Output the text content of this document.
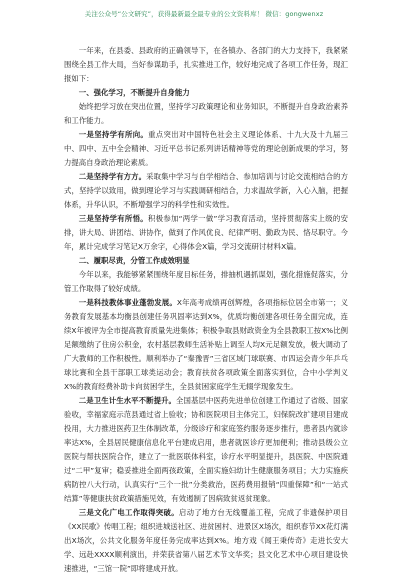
关注公众号“公文研究”，获得最新最全最专业的公文资料库！ 微信：gongwenxz

一年来，在县委、县政府的正确领导下，在各镇办、各部门的大力支持下，我紧紧围绕全县工作大局，当好参谋助手，扎实推进工作，较好地完成了各项工作任务，现汇报如下：

一、强化学习，不断提升自身能力

始终把学习放在突出位置，坚持学习政策理论和业务知识，不断提升自身政治素养和工作能力。

一是坚持学有所向。重点突出对中国特色社会主义理论体系、十九大及十九届三中、四中、五中全会精神、习近平总书记系列讲话精神等党的理论创新成果的学习，努力提高自身政治理论素质。

二是坚持学有方方。采取集中学习与自学相结合、参加培训与讨论交流相结合的方式，坚持学以致用，做到理论学习与实践调研相结合，力求温故学新，入心入脑，把握体系，升华认识，不断增强学习的科学性和实效性。

三是坚持学有所悟。积极参加“两学一做”学习教育活动，坚持贯彻落实上级的安排，讲大局、讲团结、讲协作，做到了作风优良、纪律严明、勤政为民、恪尽职守。今年，累计完成学习笔记X万余字，心得体会X篇，学习交流研讨材料X篇。

二、履职尽责，分管工作成效明显

今年以来，我能够紧紧围绕年度目标任务，排抽机遇抓谋划，强化措施促落实，分管工作取得了较好成绩。

一是科技教体事业蓬勃发展。X年高考成绩再创辉煌，各项指标位居全市第一；义务教育发展基本均衡县创建任务巩固率达到X%，优质均衡创建各项任务全面完成，连续X年被评为全市提高教育质量先进集体；积极争取县财政资金为全县教职工按X%比例足额缴纳了住房公积金，农村基层教师生活补贴上调至人均X元足额发放，极大调动了广大教师的工作积极性。顺利举办了“秦豫晋”三省区域门球联赛、市四运会青少年乒乓球比赛和全县干部职工球类运动会；教育扶贫各项政策全面落实到位，合中小学判义X%的教育经费补助卡向贫困学生，全县贫困家庭学生无辍学现象发生。

二是卫生计生水平不断提升。全国基层中医药先进单位创建工作通过了省级、国家验收，幸福家庭示范县通过省上验收；协和医院项目主体完工，妇保院改扩建项目建成投用，大力推进医药卫生体制改革，分级诊疗和家庭签约服务逐步推行，患者县内就诊率达X%，全县居民健康信息化平台建成启用，患者就医诊疗更加便利；推动县级公立医院与帮扶医院合作，建立了一批医联体科室，诊疗水平明显提升，县医院、中医院通过“二甲”复审；稳妥推进全面两孩政策，全面实施妇幼计生健康服务项目；大力实施疾病防控八大行动，认真实行“三个一批”分类救治，医药费用报销“四重保障”和“一站式结算”等健康扶贫政策措施见效，有效遏制了因病致贫返贫现象。

三是文化广电工作取得突破。启动了地方台无线覆盖工程，完成了非遗保护项目《XX民歌》传唱工程；组织进城送社区、进贫困村、进景区X场次，组织春节XX花灯满出X场次，公共文化服务年度任务完成率达到X%。地方戏《闻王秉传奇》走进长安大学、远赴XXXX顺利演出，并荣获省第八届艺术节文华奖；县文化艺术中心项目建设快速推进，“三馆一院”即将建成开放。
